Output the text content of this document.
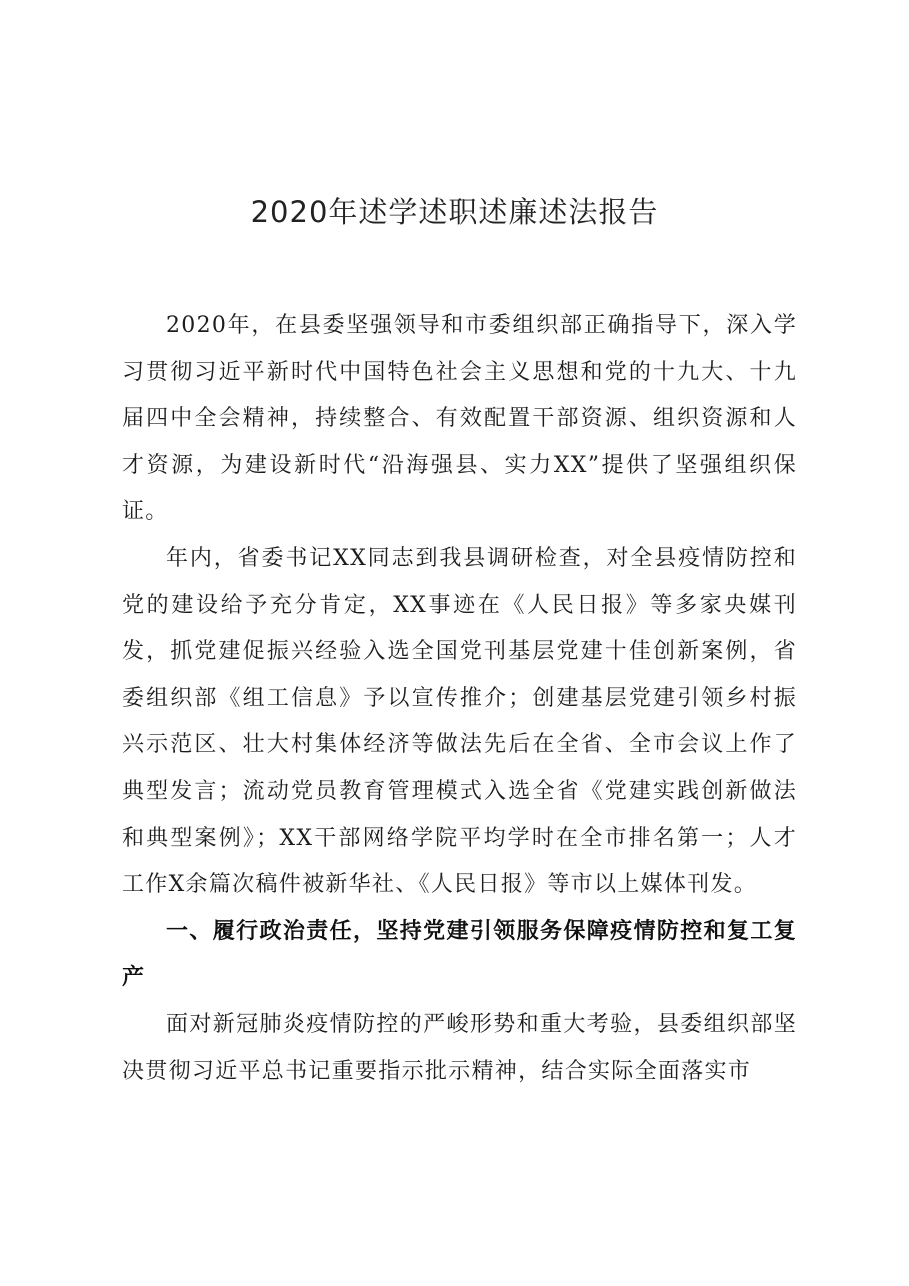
2020年述学述职述廉述法报告

2020年，在县委坚强领导和市委组织部正确指导下，深入学习贯彻习近平新时代中国特色社会主义思想和党的十九大、十九届四中全会精神，持续整合、有效配置干部资源、组织资源和人才资源，为建设新时代“沿海强县、实力XX”提供了坚强组织保证。

年内，省委书记XX同志到我县调研检查，对全县疫情防控和党的建设给予充分肯定，XX事迹在《人民日报》等多家央媒刊发，抓党建促振兴经验入选全国党刊基层党建十佳创新案例，省委组织部《组工信息》予以宣传推介；创建基层党建引领乡村振兴示范区、壮大村集体经济等做法先后在全省、全市会议上作了典型发言；流动党员教育管理模式入选全省《党建实践创新做法和典型案例》；XX干部网络学院平均学时在全市排名第一；人才工作X余篇次稿件被新华社、《人民日报》等市以上媒体刊发。

一、履行政治责任，坚持党建引领服务保障疫情防控和复工复产

面对新冠肺炎疫情防控的严峻形势和重大考验，县委组织部坚决贯彻习近平总书记重要指示批示精神，结合实际全面落实市
